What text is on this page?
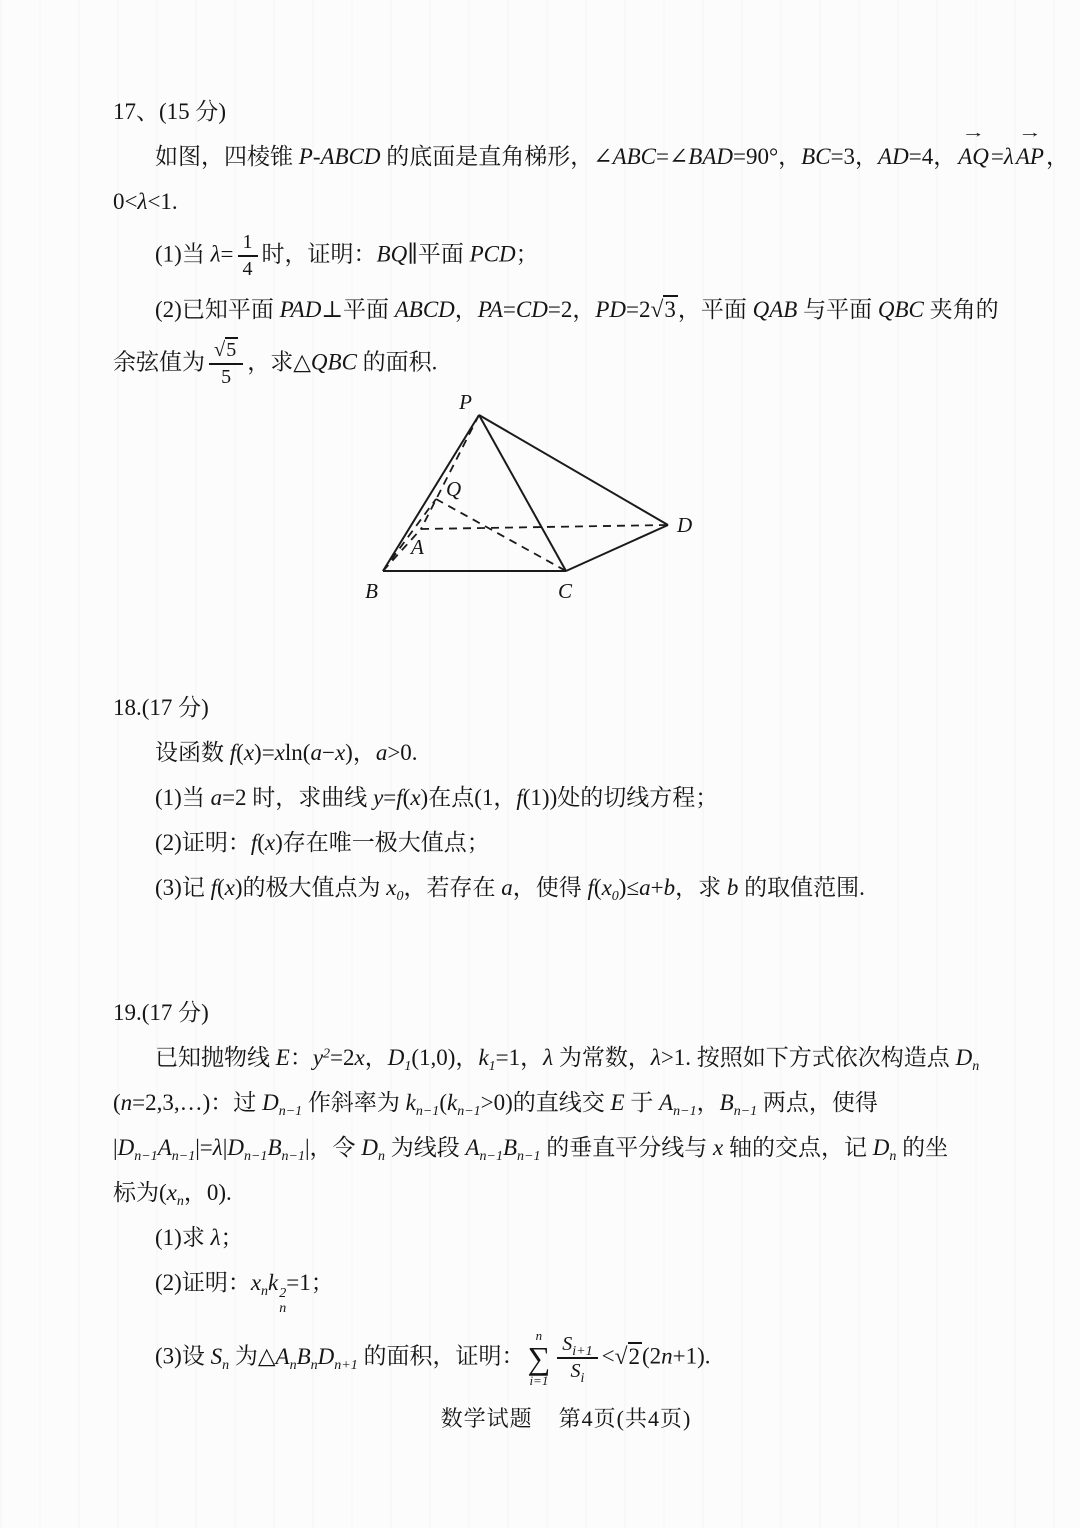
17、(15 分)
如图，四棱锥 P-ABCD 的底面是直角梯形，∠ABC=∠BAD=90°，BC=3，AD=4，
→
AQ=λ
→
AP，
0<λ<1.
(1)当 $\lambda= \frac{1}{4}$ 时，证明：BQ∥平面 PCD；
(2)已知平面 PAD⊥平面 ABCD，PA=CD=2，PD=2√3，平面 QAB 与平面 QBC 夹角的
余弦值为 $\frac{√5}{5}$ ，求△QBC 的面积.
P
Q
A
B	C
D
18.(17 分)
设函数 f(x)=xln(a−x)，a>0.
(1)当 a=2 时，求曲线 y=f(x)在点(1，f(1))处的切线方程；
(2)证明：f(x)存在唯一极大值点；
(3)记 f(x)的极大值点为 $x_0$，若存在 a，使得 $f(x_0)\le a+b$，求 b 的取值范围.
19.(17 分)
已知抛物线 E：$y^2=2x$，$D_1(1,0)$，$k_1=1$，λ 为常数，λ>1. 按照如下方式依次构造点 $D_n$
(n=2,3,…)：过 $D_{n-1}$ 作斜率为 $k_{n-1}(k_{n-1}>0)$的直线交 E 于 $A_{n-1}$，$B_{n-1}$ 两点，使得
$|D_{n-1}A_{n-1}|=\lambda|D_{n-1}B_{n-1}|$，令 $D_n$ 为线段 $A_{n-1}B_{n-1}$ 的垂直平分线与 x 轴的交点，记 $D_n$ 的坐
标为($x_n$，0).
(1)求 λ；
(2)证明：$x_nk$ 2
n
=1；
(3)设 $S_n$ 为$\triangle A_nB_nD_{n+1}$ 的面积，证明：
n
∑
$i=1 \frac{S_{i+1}}{S_i} <√2(2n+1)$.
数学试题 第4页(共4页)
